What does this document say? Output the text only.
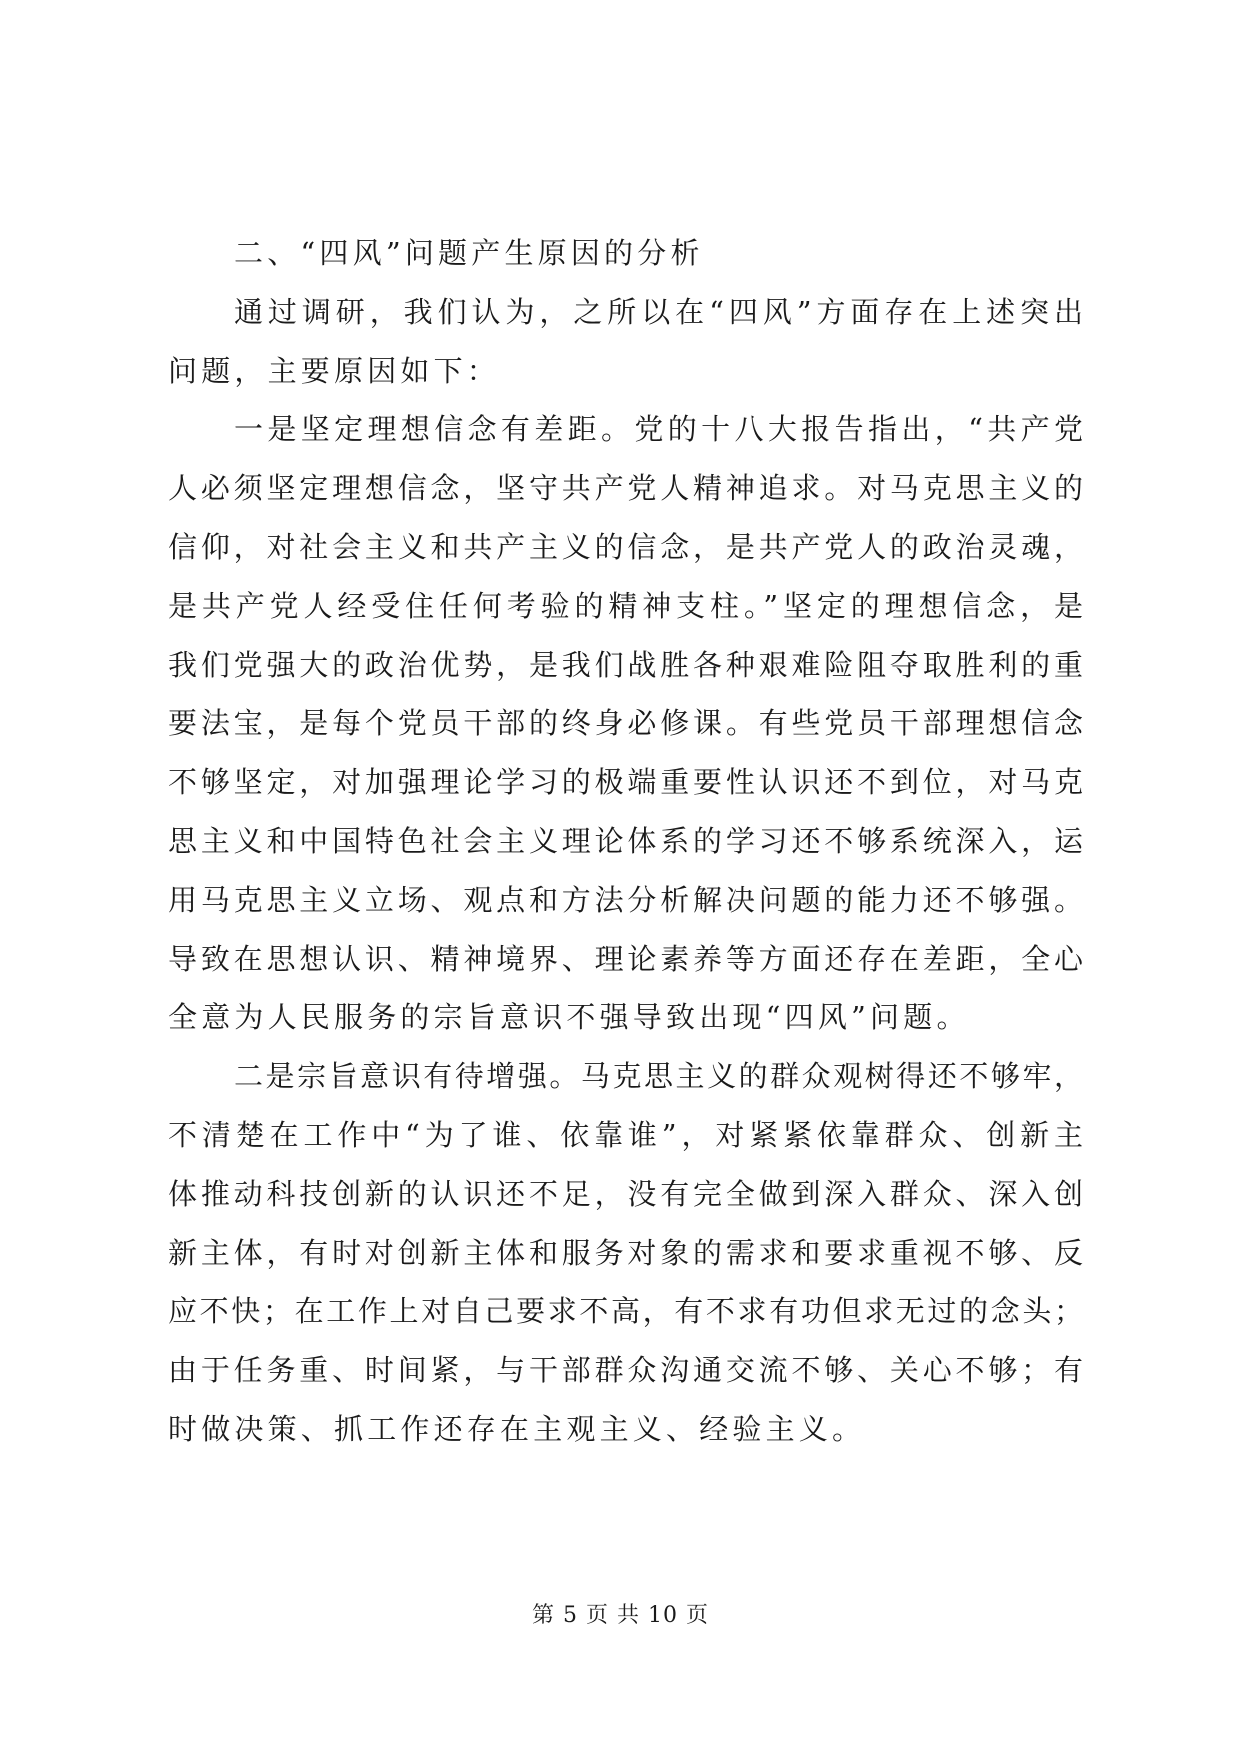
二、“四风”问题产生原因的分析
通过调研，我们认为，之所以在“四风”方面存在上述突出
问题，主要原因如下：
一是坚定理想信念有差距。党的十八大报告指出，“共产党
人必须坚定理想信念，坚守共产党人精神追求。对马克思主义的
信仰，对社会主义和共产主义的信念，是共产党人的政治灵魂，
是共产党人经受住任何考验的精神支柱。”坚定的理想信念，是
我们党强大的政治优势，是我们战胜各种艰难险阻夺取胜利的重
要法宝，是每个党员干部的终身必修课。有些党员干部理想信念
不够坚定，对加强理论学习的极端重要性认识还不到位，对马克
思主义和中国特色社会主义理论体系的学习还不够系统深入，运
用马克思主义立场、观点和方法分析解决问题的能力还不够强。
导致在思想认识、精神境界、理论素养等方面还存在差距，全心
全意为人民服务的宗旨意识不强导致出现“四风”问题。
二是宗旨意识有待增强。马克思主义的群众观树得还不够牢，
不清楚在工作中“为了谁、依靠谁”，对紧紧依靠群众、创新主
体推动科技创新的认识还不足，没有完全做到深入群众、深入创
新主体，有时对创新主体和服务对象的需求和要求重视不够、反
应不快；在工作上对自己要求不高，有不求有功但求无过的念头；
由于任务重、时间紧，与干部群众沟通交流不够、关心不够；有
时做决策、抓工作还存在主观主义、经验主义。
第 5 页 共 10 页
